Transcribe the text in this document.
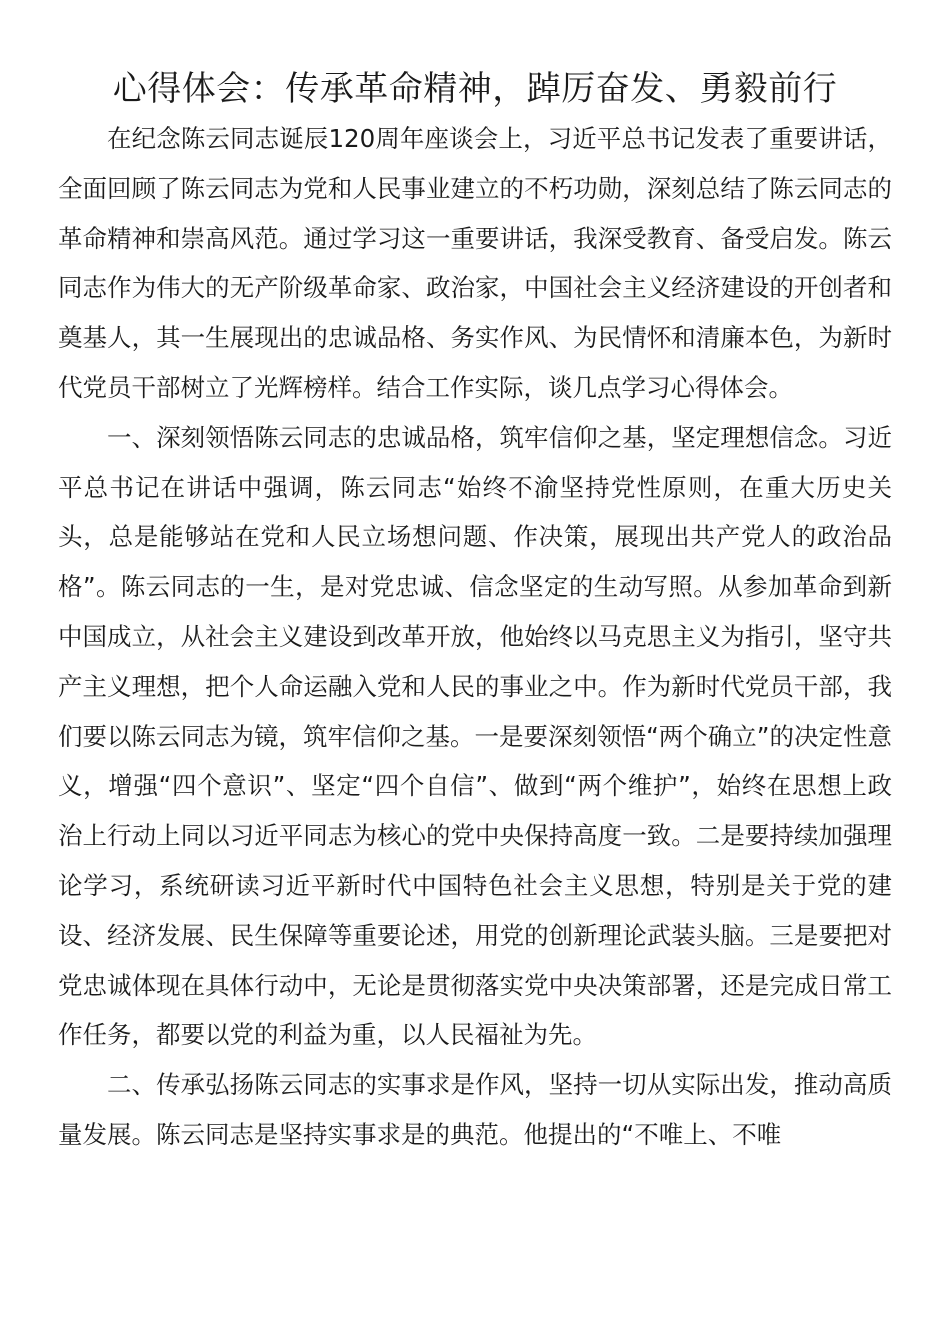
心得体会：传承革命精神，踔厉奋发、勇毅前行

在纪念陈云同志诞辰120周年座谈会上，习近平总书记发表了重要讲话，全面回顾了陈云同志为党和人民事业建立的不朽功勋，深刻总结了陈云同志的革命精神和崇高风范。通过学习这一重要讲话，我深受教育、备受启发。陈云同志作为伟大的无产阶级革命家、政治家，中国社会主义经济建设的开创者和奠基人，其一生展现出的忠诚品格、务实作风、为民情怀和清廉本色，为新时代党员干部树立了光辉榜样。结合工作实际，谈几点学习心得体会。

一、深刻领悟陈云同志的忠诚品格，筑牢信仰之基，坚定理想信念。习近平总书记在讲话中强调，陈云同志“始终不渝坚持党性原则，在重大历史关头，总是能够站在党和人民立场想问题、作决策，展现出共产党人的政治品格”。陈云同志的一生，是对党忠诚、信念坚定的生动写照。从参加革命到新中国成立，从社会主义建设到改革开放，他始终以马克思主义为指引，坚守共产主义理想，把个人命运融入党和人民的事业之中。作为新时代党员干部，我们要以陈云同志为镜，筑牢信仰之基。一是要深刻领悟“两个确立”的决定性意义，增强“四个意识”、坚定“四个自信”、做到“两个维护”，始终在思想上政治上行动上同以习近平同志为核心的党中央保持高度一致。二是要持续加强理论学习，系统研读习近平新时代中国特色社会主义思想，特别是关于党的建设、经济发展、民生保障等重要论述，用党的创新理论武装头脑。三是要把对党忠诚体现在具体行动中，无论是贯彻落实党中央决策部署，还是完成日常工作任务，都要以党的利益为重，以人民福祉为先。

二、传承弘扬陈云同志的实事求是作风，坚持一切从实际出发，推动高质量发展。陈云同志是坚持实事求是的典范。他提出的“不唯上、不唯
